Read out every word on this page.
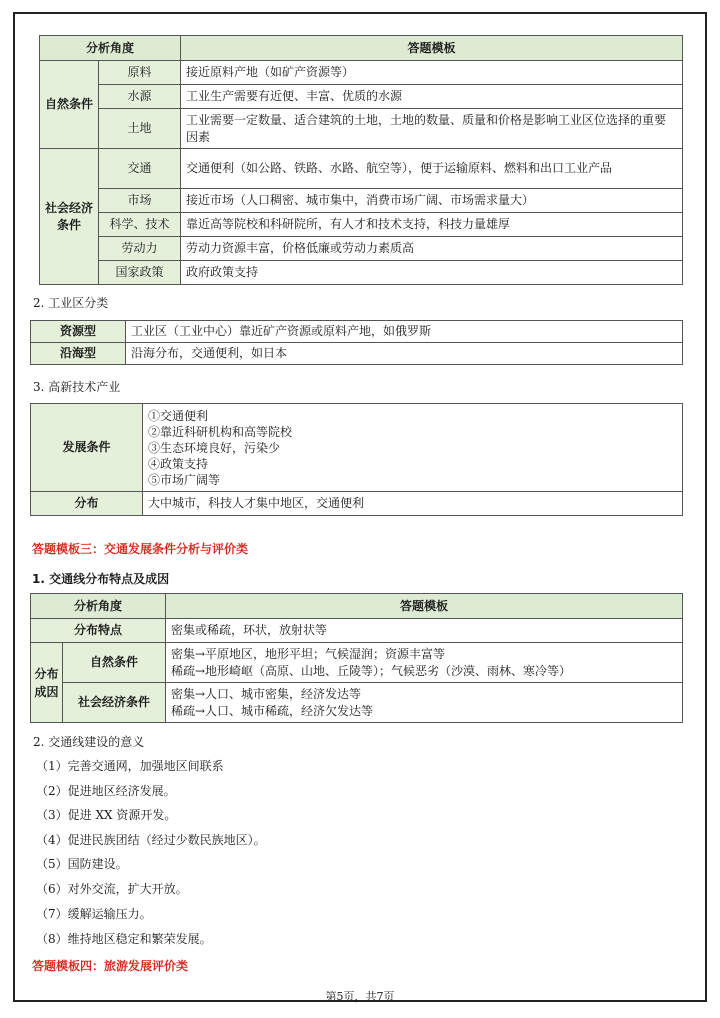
分析角度		答题模板
自然条件	原料	接近原料产地（如矿产资源等）
	水源	工业生产需要有近便、丰富、优质的水源
	土地	工业需要一定数量、适合建筑的土地，土地的数量、质量和价格是影响工业区位选择的重要因素
社会经济条件	交通	交通便利（如公路、铁路、水路、航空等），便于运输原料、燃料和出口工业产品
	市场	接近市场（人口稠密、城市集中，消费市场广阔、市场需求量大）
	科学、技术	靠近高等院校和科研院所，有人才和技术支持，科技力量雄厚
	劳动力	劳动力资源丰富，价格低廉或劳动力素质高
	国家政策	政府政策支持
2. 工业区分类
资源型	工业区（工业中心）靠近矿产资源或原料产地，如俄罗斯
沿海型	沿海分布，交通便利，如日本
3. 高新技术产业
发展条件	①交通便利
②靠近科研机构和高等院校
③生态环境良好，污染少
④政策支持
⑤市场广阔等

分布	大中城市，科技人才集中地区，交通便利
答题模板三：交通发展条件分析与评价类
1. 交通线分布特点及成因
分析角度		答题模板
分布特点		密集或稀疏，环状，放射状等
分布成因	自然条件	密集→平原地区，地形平坦；气候湿润；资源丰富等
稀疏→地形崎岖（高原、山地、丘陵等）；气候恶劣（沙漠、雨林、寒冷等）

	社会经济条件	密集→人口、城市密集，经济发达等
稀疏→人口、城市稀疏，经济欠发达等
2. 交通线建设的意义
（1）完善交通网，加强地区间联系
（2）促进地区经济发展。
（3）促进 XX 资源开发。
（4）促进民族团结（经过少数民族地区）。
（5）国防建设。
（6）对外交流，扩大开放。
（7）缓解运输压力。
（8）维持地区稳定和繁荣发展。
答题模板四：旅游发展评价类
第5页，共7页
